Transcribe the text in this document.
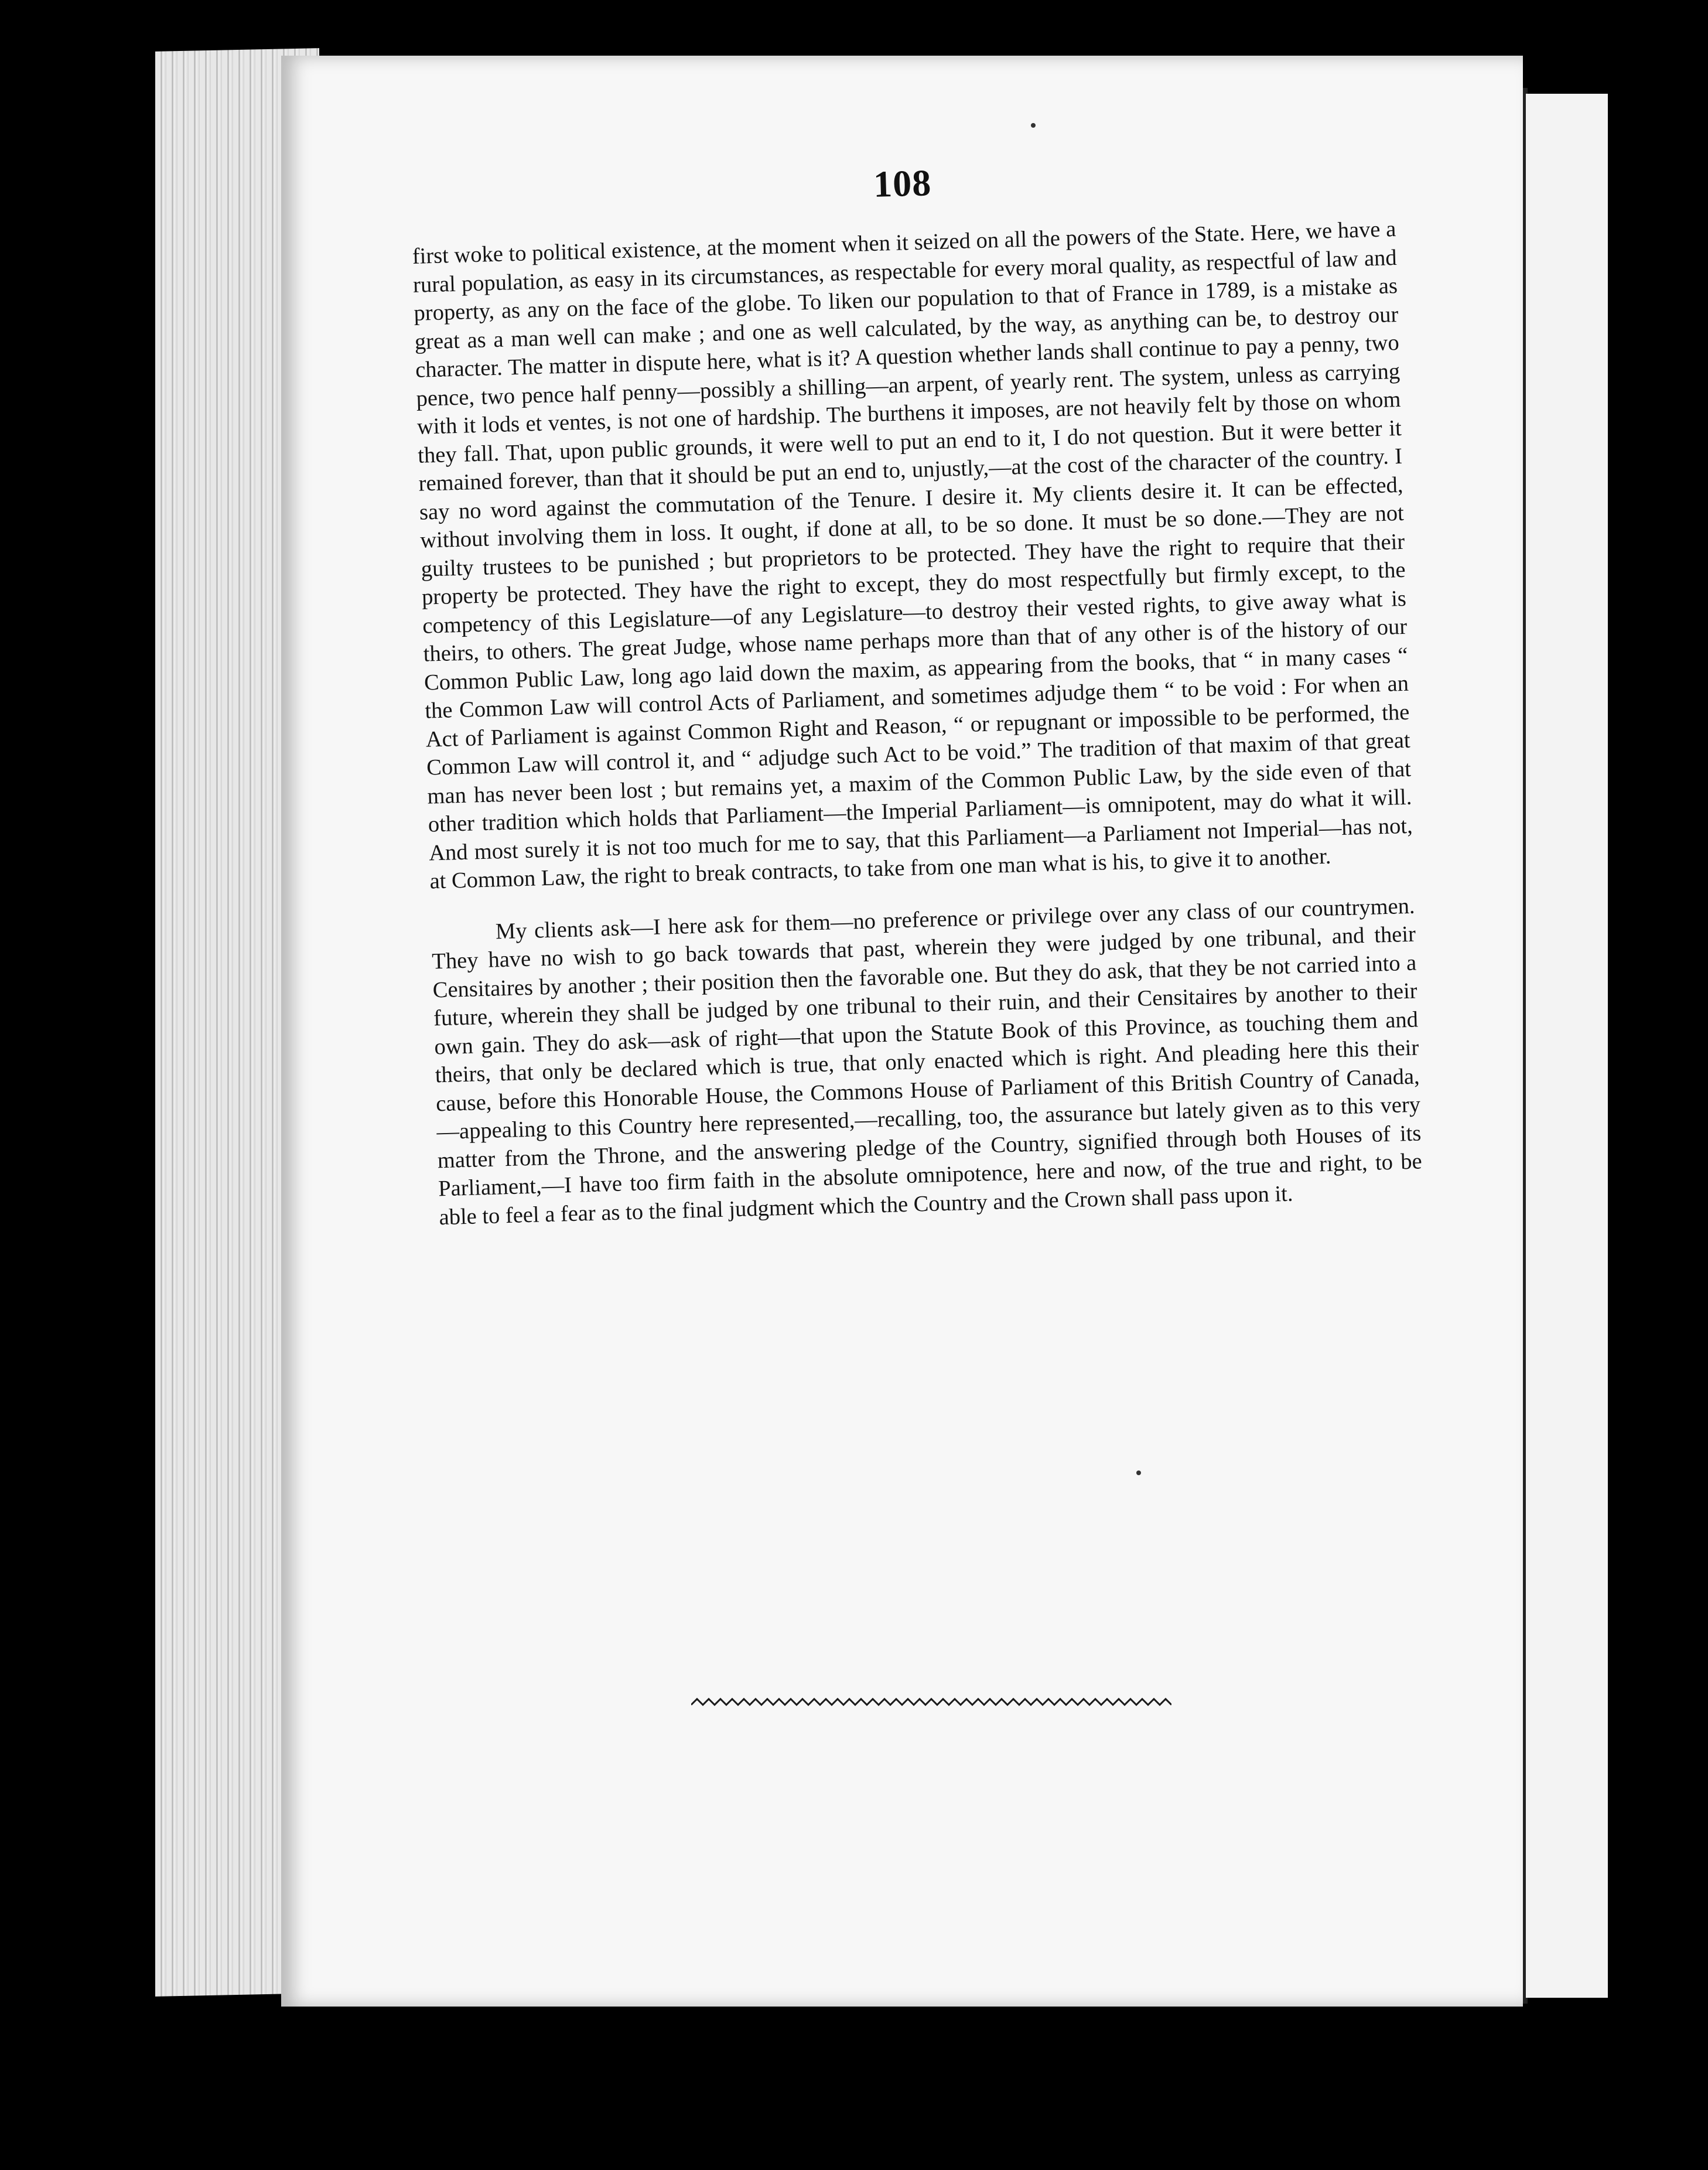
108

first woke to political existence, at the moment when it seized on all the powers of the State. Here, we have a rural population, as easy in its circumstances, as respectable for every moral quality, as respectful of law and property, as any on the face of the globe. To liken our population to that of France in 1789, is a mistake as great as a man well can make ; and one as well calculated, by the way, as anything can be, to destroy our character. The matter in dispute here, what is it? A question whether lands shall continue to pay a penny, two pence, two pence half penny—possibly a shilling—an arpent, of yearly rent. The system, unless as carrying with it lods et ventes, is not one of hardship. The burthens it imposes, are not heavily felt by those on whom they fall. That, upon public grounds, it were well to put an end to it, I do not question. But it were better it remained forever, than that it should be put an end to, unjustly,—at the cost of the character of the country. I say no word against the commutation of the Tenure. I desire it. My clients desire it. It can be effected, without involving them in loss. It ought, if done at all, to be so done. It must be so done.—They are not guilty trustees to be punished ; but proprietors to be protected. They have the right to require that their property be protected. They have the right to except, they do most respectfully but firmly except, to the competency of this Legislature—of any Legislature—to destroy their vested rights, to give away what is theirs, to others. The great Judge, whose name perhaps more than that of any other is of the history of our Common Public Law, long ago laid down the maxim, as appearing from the books, that “ in many cases “ the Common Law will control Acts of Parliament, and sometimes adjudge them “ to be void : For when an Act of Parliament is against Common Right and Reason, “ or repugnant or impossible to be performed, the Common Law will control it, and “ adjudge such Act to be void.” The tradition of that maxim of that great man has never been lost ; but remains yet, a maxim of the Common Public Law, by the side even of that other tradition which holds that Parliament—the Imperial Parliament—is omnipotent, may do what it will. And most surely it is not too much for me to say, that this Parliament—a Parliament not Imperial—has not, at Common Law, the right to break contracts, to take from one man what is his, to give it to another.

My clients ask—I here ask for them—no preference or privilege over any class of our countrymen. They have no wish to go back towards that past, wherein they were judged by one tribunal, and their Censitaires by another ; their position then the favorable one. But they do ask, that they be not carried into a future, wherein they shall be judged by one tribunal to their ruin, and their Censitaires by another to their own gain. They do ask—ask of right—that upon the Statute Book of this Province, as touching them and theirs, that only be declared which is true, that only enacted which is right. And pleading here this their cause, before this Honorable House, the Commons House of Parliament of this British Country of Canada, —appealing to this Country here represented,—recalling, too, the assurance but lately given as to this very matter from the Throne, and the answering pledge of the Country, signified through both Houses of its Parliament,—I have too firm faith in the absolute omnipotence, here and now, of the true and right, to be able to feel a fear as to the final judgment which the Country and the Crown shall pass upon it.
